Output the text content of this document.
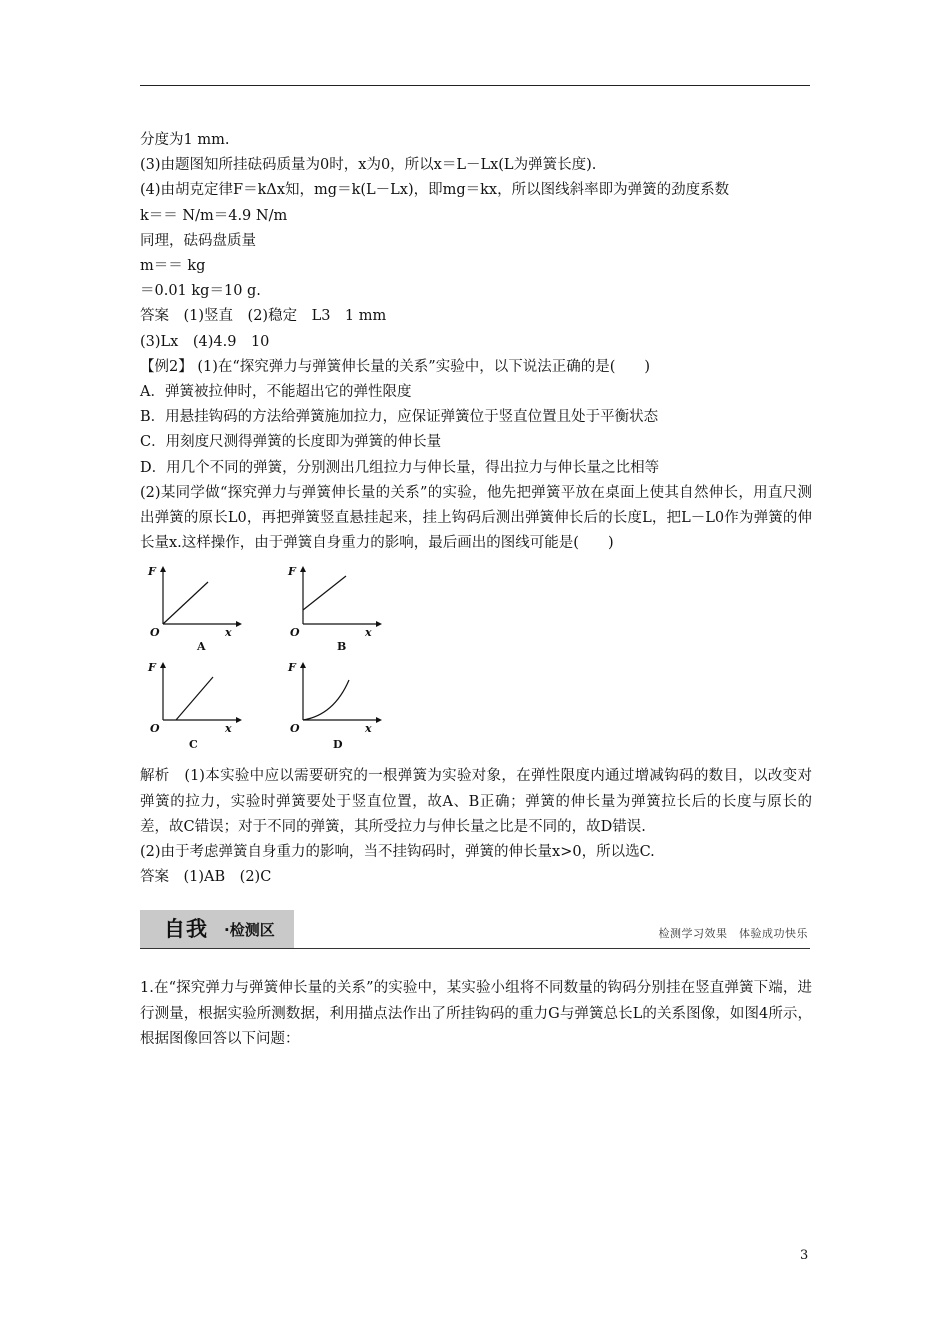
分度为1 mm.

(3)由题图知所挂砝码质量为0时，x为0，所以x＝L－Lx(L为弹簧长度).

(4)由胡克定律F＝kΔx知，mg＝k(L－Lx)，即mg＝kx，所以图线斜率即为弹簧的劲度系数

k＝＝ N/m＝4.9 N/m

同理，砝码盘质量

m＝＝ kg

＝0.01 kg＝10 g.

答案　(1)竖直　(2)稳定　L3　1 mm

(3)Lx　(4)4.9　10

【例2】 (1)在“探究弹力与弹簧伸长量的关系”实验中，以下说法正确的是(　　)

A．弹簧被拉伸时，不能超出它的弹性限度

B．用悬挂钩码的方法给弹簧施加拉力，应保证弹簧位于竖直位置且处于平衡状态

C．用刻度尺测得弹簧的长度即为弹簧的伸长量

D．用几个不同的弹簧，分别测出几组拉力与伸长量，得出拉力与伸长量之比相等

(2)某同学做“探究弹力与弹簧伸长量的关系”的实验，他先把弹簧平放在桌面上使其自然伸长，用直尺测出弹簧的原长L0，再把弹簧竖直悬挂起来，挂上钩码后测出弹簧伸长后的长度L，把L－L0作为弹簧的伸长量x.这样操作，由于弹簧自身重力的影响，最后画出的图线可能是(　　)

F
O	x
A
F
O	x
B
F
O	x
C
F
O	x
D

解析　(1)本实验中应以需要研究的一根弹簧为实验对象，在弹性限度内通过增减钩码的数目，以改变对弹簧的拉力，实验时弹簧要处于竖直位置，故A、B正确；弹簧的伸长量为弹簧拉长后的长度与原长的差，故C错误；对于不同的弹簧，其所受拉力与伸长量之比是不同的，故D错误.

(2)由于考虑弹簧自身重力的影响，当不挂钩码时，弹簧的伸长量x>0，所以选C.

答案　(1)AB　(2)C

自我 ·检测区	检测学习效果　体验成功快乐

1.在“探究弹力与弹簧伸长量的关系”的实验中，某实验小组将不同数量的钩码分别挂在竖直弹簧下端，进行测量，根据实验所测数据，利用描点法作出了所挂钩码的重力G与弹簧总长L的关系图像，如图4所示，根据图像回答以下问题：

3
